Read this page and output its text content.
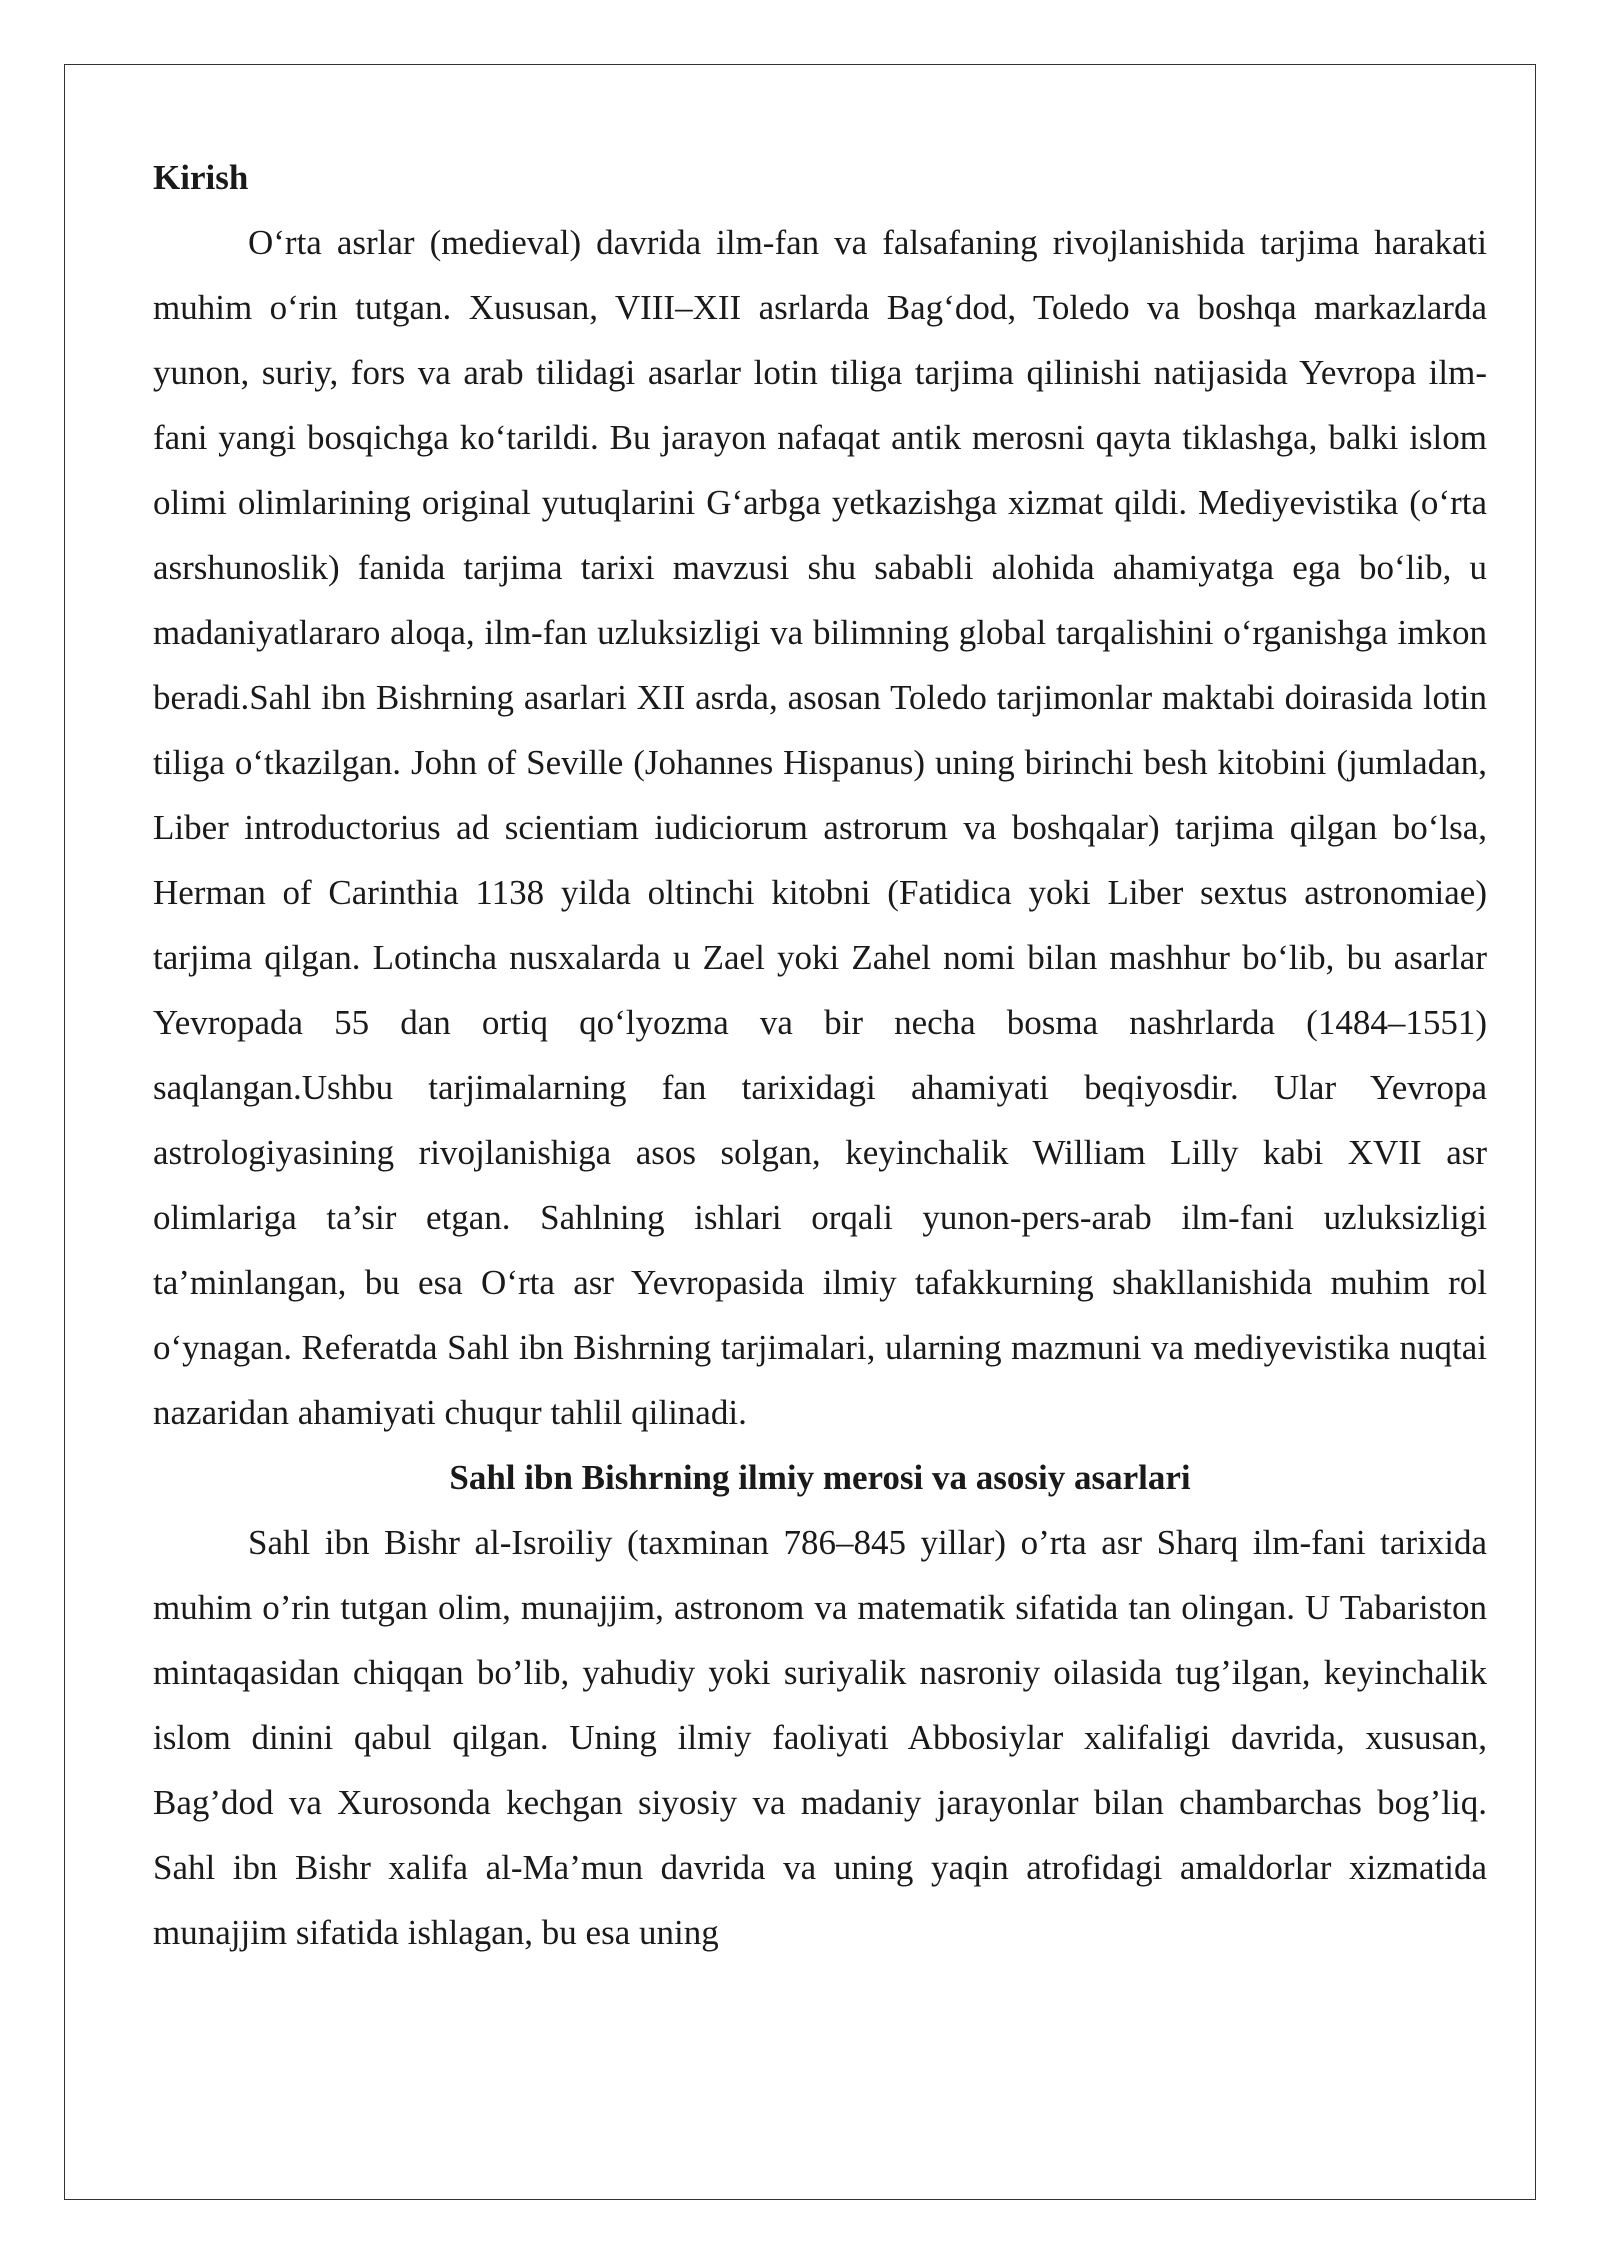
Kirish

O‘rta asrlar (medieval) davrida ilm-fan va falsafaning rivojlanishida tarjima harakati muhim o‘rin tutgan. Xususan, VIII–XII asrlarda Bag‘dod, Toledo va boshqa markazlarda yunon, suriy, fors va arab tilidagi asarlar lotin tiliga tarjima qilinishi natijasida Yevropa ilm-fani yangi bosqichga ko‘tarildi. Bu jarayon nafaqat antik merosni qayta tiklashga, balki islom olimi olimlarining original yutuqlarini G‘arbga yetkazishga xizmat qildi. Mediyevistika (o‘rta asrshunoslik) fanida tarjima tarixi mavzusi shu sababli alohida ahamiyatga ega bo‘lib, u madaniyatlararo aloqa, ilm-fan uzluksizligi va bilimning global tarqalishini o‘rganishga imkon beradi.Sahl ibn Bishrning asarlari XII asrda, asosan Toledo tarjimonlar maktabi doirasida lotin tiliga o‘tkazilgan. John of Seville (Johannes Hispanus) uning birinchi besh kitobini (jumladan, Liber introductorius ad scientiam iudiciorum astrorum va boshqalar) tarjima qilgan bo‘lsa, Herman of Carinthia 1138 yilda oltinchi kitobni (Fatidica yoki Liber sextus astronomiae) tarjima qilgan. Lotincha nusxalarda u Zael yoki Zahel nomi bilan mashhur bo‘lib, bu asarlar Yevropada 55 dan ortiq qo‘lyozma va bir necha bosma nashrlarda (1484–1551) saqlangan.Ushbu tarjimalarning fan tarixidagi ahamiyati beqiyosdir. Ular Yevropa astrologiyasining rivojlanishiga asos solgan, keyinchalik William Lilly kabi XVII asr olimlariga ta’sir etgan. Sahlning ishlari orqali yunon-pers-arab ilm-fani uzluksizligi ta’minlangan, bu esa O‘rta asr Yevropasida ilmiy tafakkurning shakllanishida muhim rol o‘ynagan. Referatda Sahl ibn Bishrning tarjimalari, ularning mazmuni va mediyevistika nuqtai nazaridan ahamiyati chuqur tahlil qilinadi.

Sahl ibn Bishrning ilmiy merosi va asosiy asarlari

Sahl ibn Bishr al-Isroiliy (taxminan 786–845 yillar) o’rta asr Sharq ilm-fani tarixida muhim o’rin tutgan olim, munajjim, astronom va matematik sifatida tan olingan. U Tabariston mintaqasidan chiqqan bo’lib, yahudiy yoki suriyalik nasroniy oilasida tug’ilgan, keyinchalik islom dinini qabul qilgan. Uning ilmiy faoliyati Abbosiylar xalifaligi davrida, xususan, Bag’dod va Xurosonda kechgan siyosiy va madaniy jarayonlar bilan chambarchas bog’liq. Sahl ibn Bishr xalifa al-Ma’mun davrida va uning yaqin atrofidagi amaldorlar xizmatida munajjim sifatida ishlagan, bu esa uning
